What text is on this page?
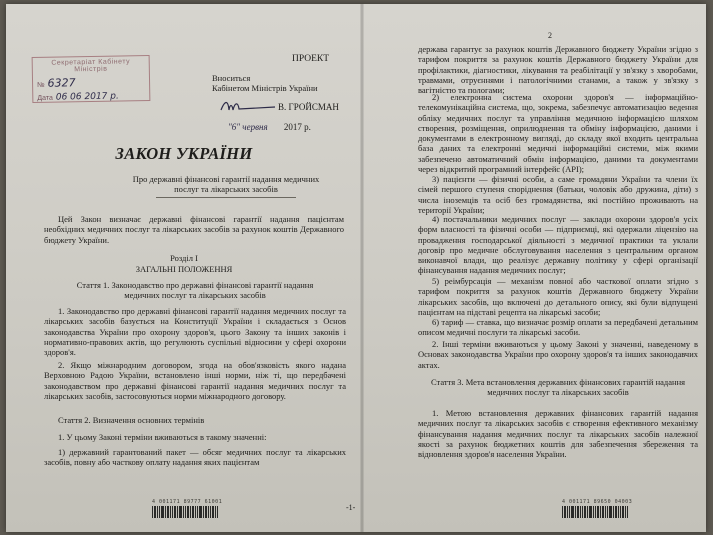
Секретаріат Кабінету Міністрів
№ 6327
Дата 06 06 2017 р.
ПРОЕКТ
Вноситься
Кабінетом Міністрів України
В. ГРОЙСМАН
"6" червня 2017 р.
ЗАКОН УКРАЇНИ
Про державні фінансові гарантії надання медичних послуг та лікарських засобів
Цей Закон визначає державні фінансові гарантії надання пацієнтам необхідних медичних послуг та лікарських засобів за рахунок коштів Державного бюджету України.
Розділ І
ЗАГАЛЬНІ ПОЛОЖЕННЯ
Стаття 1. Законодавство про державні фінансові гарантії надання медичних послуг та лікарських засобів
1. Законодавство про державні фінансові гарантії надання медичних послуг та лікарських засобів базується на Конституції України і складається з Основ законодавства України про охорону здоров'я, цього Закону та інших законів і нормативно-правових актів, що регулюють суспільні відносини у сфері охорони здоров'я.
2. Якщо міжнародним договором, згода на обов'язковість якого надана Верховною Радою України, встановлено інші норми, ніж ті, що передбачені законодавством про державні фінансові гарантії надання медичних послуг та лікарських засобів, застосовуються норми міжнародного договору.
Стаття 2. Визначення основних термінів
1. У цьому Законі терміни вживаються в такому значенні:
1) державний гарантований пакет — обсяг медичних послуг та лікарських засобів, повну або часткову оплату надання яких пацієнтам
4 001171 89777 61001
-1-
2
держава гарантує за рахунок коштів Державного бюджету України згідно з тарифом покриття за рахунок коштів Державного бюджету України для профілактики, діагностики, лікування та реабілітації у зв'язку з хворобами, травмами, отруєннями і патологічними станами, а також у зв'язку з вагітністю та пологами;
2) електронна система охорони здоров'я — інформаційно-телекомунікаційна система, що, зокрема, забезпечує автоматизацію ведення обліку медичних послуг та управління медичною інформацією шляхом створення, розміщення, оприлюднення та обміну інформацією, даними і документами в електронному вигляді, до складу якої входить центральна база даних та електронні медичні інформаційні системи, між якими забезпечено автоматичний обмін інформацією, даними та документами через відкритий програмний інтерфейс (API);
3) пацієнти — фізичні особи, а саме громадяни України та члени їх сімей першого ступеня споріднення (батьки, чоловік або дружина, діти) з числа іноземців та осіб без громадянства, які постійно проживають на території України;
4) постачальники медичних послуг — заклади охорони здоров'я усіх форм власності та фізичні особи — підприємці, які одержали ліцензію на провадження господарської діяльності з медичної практики та уклали договір про медичне обслуговування населення з центральним органом виконавчої влади, що реалізує державну політику у сфері організації фінансування надання медичних послуг;
5) реімбурсація — механізм повної або часткової оплати згідно з тарифом покриття за рахунок коштів Державного бюджету України лікарських засобів, що включені до детального опису, які були відпущені пацієнтам на підставі рецепта на лікарські засоби;
6) тариф — ставка, що визначає розмір оплати за передбачені детальним описом медичні послуги та лікарські засоби.
2. Інші терміни вживаються у цьому Законі у значенні, наведеному в Основах законодавства України про охорону здоров'я та інших законодавчих актах.
Стаття 3. Мета встановлення державних фінансових гарантій надання медичних послуг та лікарських засобів
1. Метою встановлення державних фінансових гарантій надання медичних послуг та лікарських засобів є створення ефективного механізму фінансування надання медичних послуг та лікарських засобів належної якості за рахунок бюджетних коштів для забезпечення збереження та відновлення здоров'я населення України.
4 001171 89650 04003
